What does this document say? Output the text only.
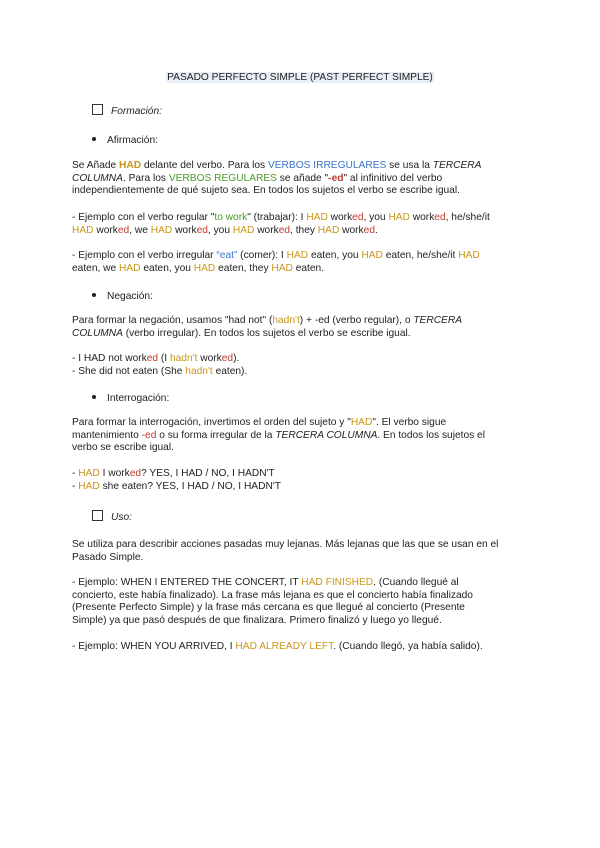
PASADO PERFECTO SIMPLE (PAST PERFECT SIMPLE)
Formación:
Afirmación:

Se Añade HAD delante del verbo. Para los VERBOS IRREGULARES se usa la TERCERA

COLUMNA. Para los VERBOS REGULARES se añade "-ed" al infinitivo del verbo

independientemente de qué sujeto sea. En todos los sujetos el verbo se escribe igual.

- Ejemplo con el verbo regular "to work" (trabajar): I HAD worked, you HAD worked, he/she/it

HAD worked, we HAD worked, you HAD worked, they HAD worked.

- Ejemplo con el verbo irregular “eat” (comer): I HAD eaten, you HAD eaten, he/she/it HAD

eaten, we HAD eaten, you HAD eaten, they HAD eaten.

Negación:

Para formar la negación, usamos "had not" (hadn't) + -ed (verbo regular), o TERCERA

COLUMNA (verbo irregular). En todos los sujetos el verbo se escribe igual.

- I HAD not worked (I hadn't worked).

- She did not eaten (She hadn't eaten).

Interrogación:

Para formar la interrogación, invertimos el orden del sujeto y "HAD". El verbo sigue

mantenimiento -ed o su forma irregular de la TERCERA COLUMNA. En todos los sujetos el

verbo se escribe igual.

- HAD I worked? YES, I HAD / NO, I HADN'T

- HAD she eaten? YES, I HAD / NO, I HADN'T

Uso:

Se utiliza para describir acciones pasadas muy lejanas. Más lejanas que las que se usan en el Pasado Simple.

- Ejemplo: WHEN I ENTERED THE CONCERT, IT HAD FINISHED. (Cuando llegué al

concierto, este había finalizado). La frase más lejana es que el concierto había finalizado

(Presente Perfecto Simple) y la frase más cercana es que llegué al concierto (Presente

Simple) ya que pasó después de que finalizara. Primero finalizó y luego yo llegué.

- Ejemplo: WHEN YOU ARRIVED, I HAD ALREADY LEFT. (Cuando llegó, ya había salido).
